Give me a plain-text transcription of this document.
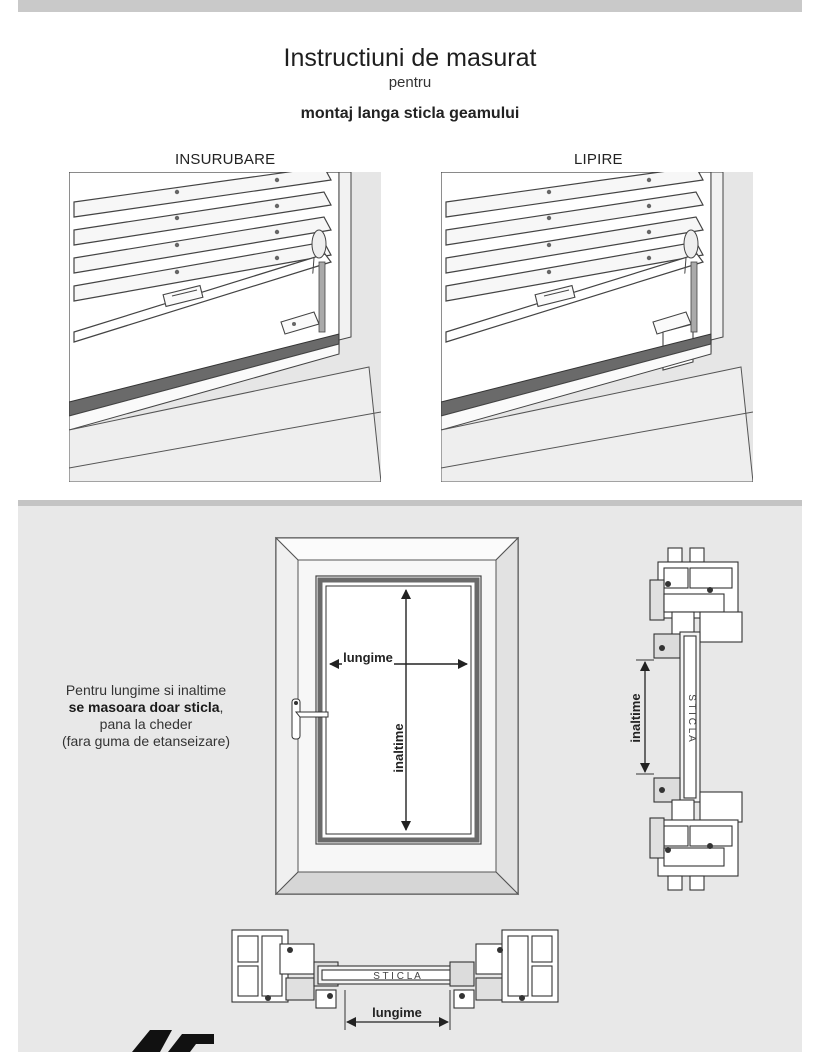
Instructiuni de masurat
pentru
montaj langa sticla geamului
INSURUBARE	LIPIRE
Pentru lungime si inaltime
se masoara doar sticla,
pana la cheder
(fara guma de etanseizare)
lungime
inaltime
inaltime	S T I C L A
S T I C L A
lungime
